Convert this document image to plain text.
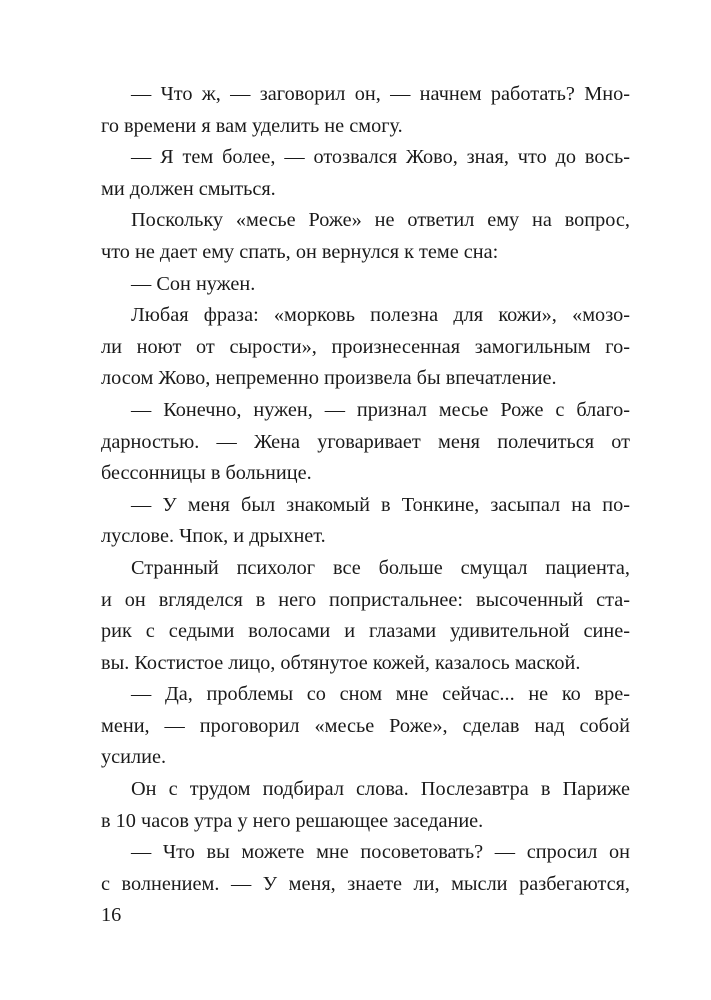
— Что ж, — заговорил он, — начнем работать? Мно-
го времени я вам уделить не смогу.
— Я тем более, — отозвался Жово, зная, что до вось-
ми должен смыться.
Поскольку «месье Роже» не ответил ему на вопрос,
что не дает ему спать, он вернулся к теме сна:
— Сон нужен.
Любая фраза: «морковь полезна для кожи», «мозо-
ли ноют от сырости», произнесенная замогильным го-
лосом Жово, непременно произвела бы впечатление.
— Конечно, нужен, — признал месье Роже с благо-
дарностью. — Жена уговаривает меня полечиться от
бессонницы в больнице.
— У меня был знакомый в Тонкине, засыпал на по-
луслове. Чпок, и дрыхнет.
Странный психолог все больше смущал пациента,
и он вгляделся в него попристальнее: высоченный ста-
рик с седыми волосами и глазами удивительной сине-
вы. Костистое лицо, обтянутое кожей, казалось маской.
— Да, проблемы со сном мне сейчас... не ко вре-
мени, — проговорил «месье Роже», сделав над собой
усилие.
Он с трудом подбирал слова. Послезавтра в Париже
в 10 часов утра у него решающее заседание.
— Что вы можете мне посоветовать? — спросил он
с волнением. — У меня, знаете ли, мысли разбегаются,
16
